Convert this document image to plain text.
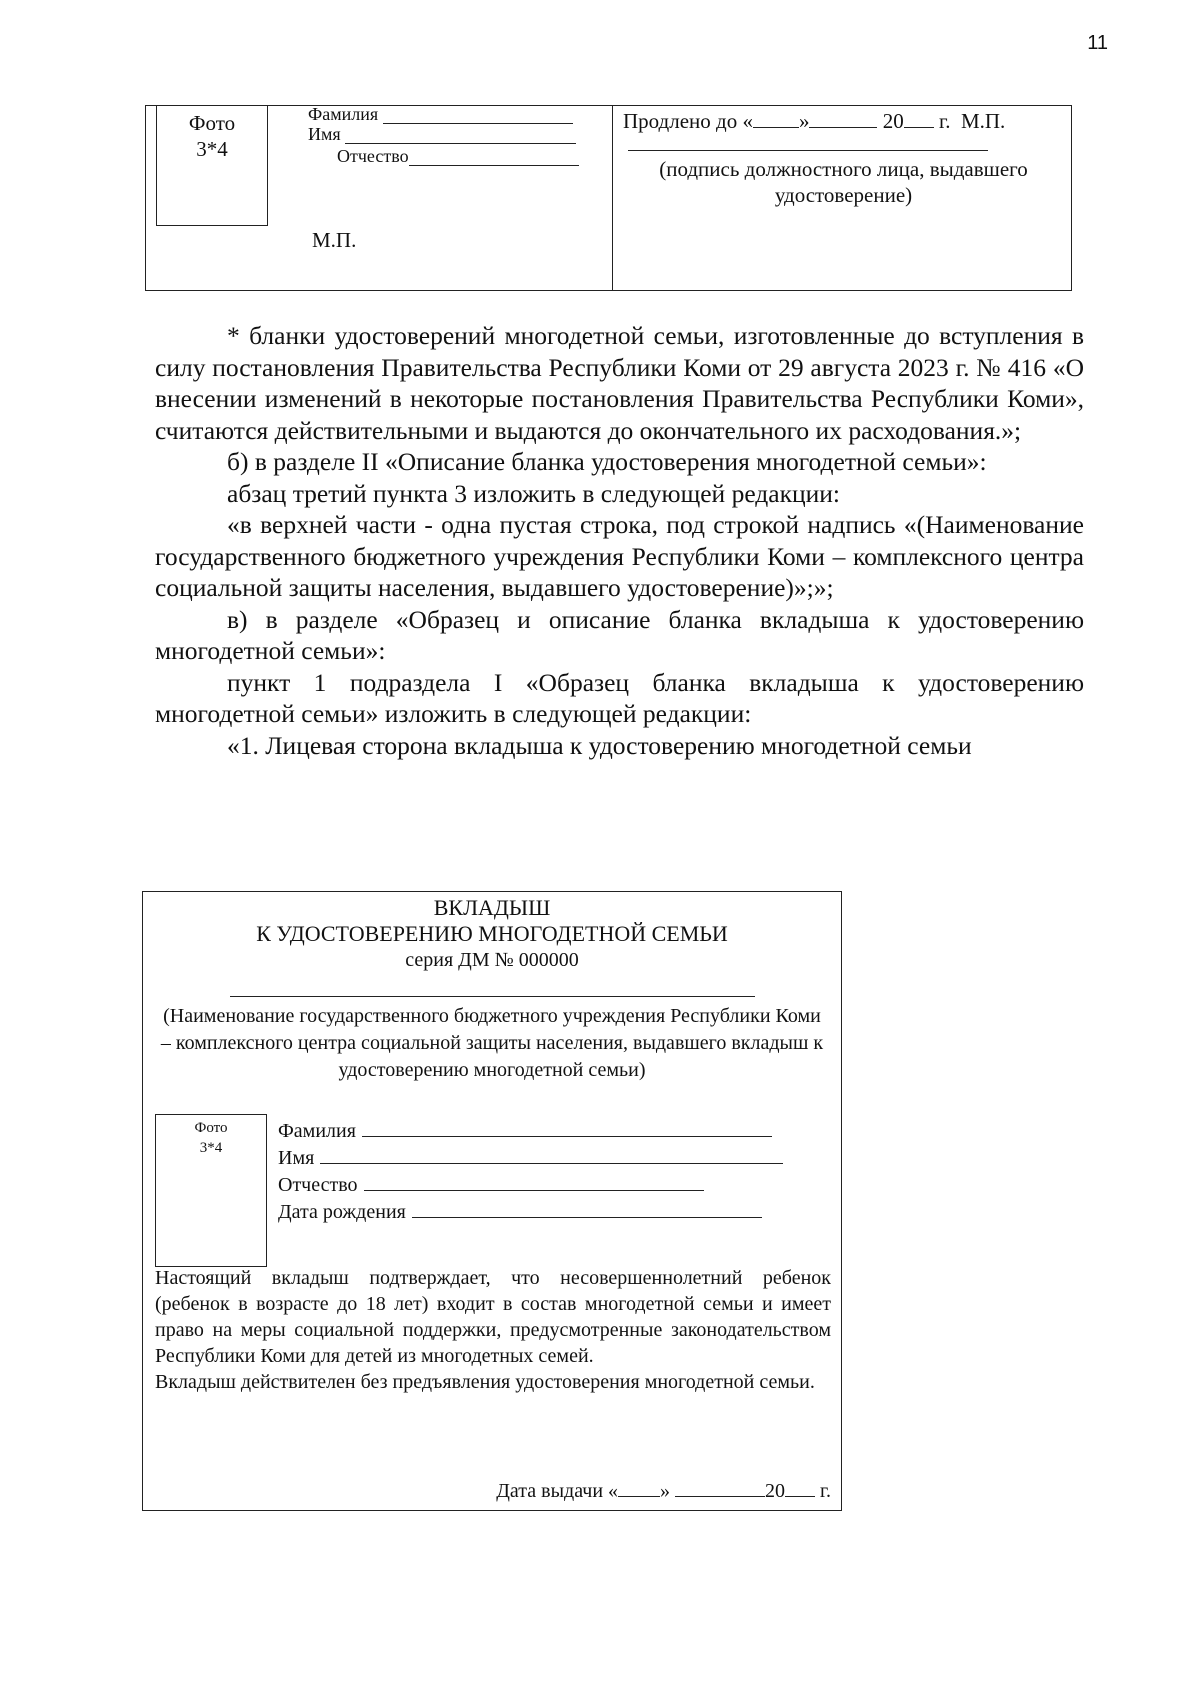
11
Фото
3*4
Фамилия
Имя
Отчество
М.П.
Продлено до « »	20 г. М.П.
(подпись должностного лица, выдавшего удостоверение)

* бланки удостоверений многодетной семьи, изготовленные до вступления в силу постановления Правительства Республики Коми от 29 августа 2023 г. № 416 «О внесении изменений в некоторые постановления Правительства Республики Коми», считаются действительными и выдаются до окончательного их расходования.»;

б) в разделе II «Описание бланка удостоверения многодетной семьи»:

абзац третий пункта 3 изложить в следующей редакции:

«в верхней части - одна пустая строка, под строкой надпись «(Наименование государственного бюджетного учреждения Республики Коми – комплексного центра социальной защиты населения, выдавшего удостоверение)»;»;

в) в разделе «Образец и описание бланка вкладыша к удостоверению многодетной семьи»:

пункт 1 подраздела I «Образец бланка вкладыша к удостоверению многодетной семьи» изложить в следующей редакции:

«1. Лицевая сторона вкладыша к удостоверению многодетной семьи

ВКЛАДЫШ
К УДОСТОВЕРЕНИЮ МНОГОДЕТНОЙ СЕМЬИ
серия ДМ № 000000
(Наименование государственного бюджетного учреждения Республики Коми – комплексного центра социальной защиты населения, выдавшего вкладыш к удостоверению многодетной семьи)
Фото
3*4
Фамилия
Имя
Отчество
Дата рождения

Настоящий вкладыш подтверждает, что несовершеннолетний ребенок (ребенок в возрасте до 18 лет) входит в состав многодетной семьи и имеет право на меры социальной поддержки, предусмотренные законодательством Республики Коми для детей из многодетных семей.

Вкладыш действителен без предъявления удостоверения многодетной семьи.

Дата выдачи « »	20 г.
